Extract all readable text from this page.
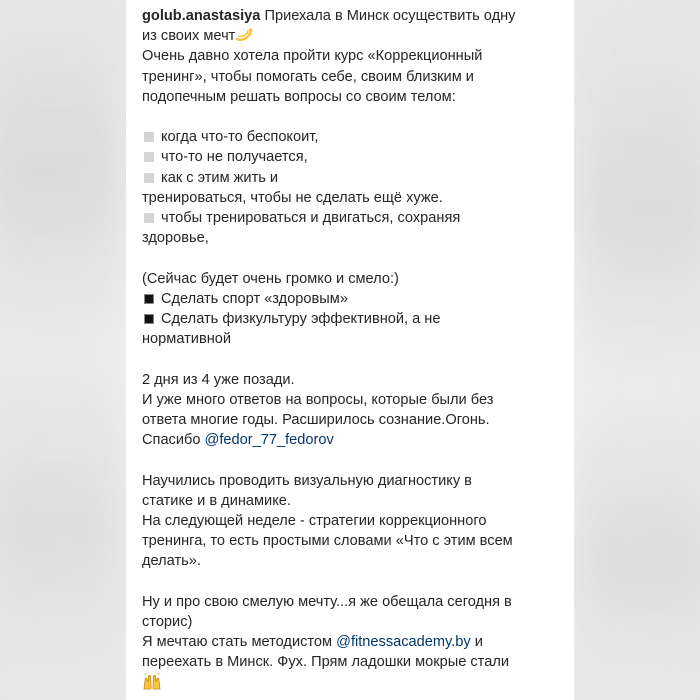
golub.anastasiya Приехала в Минск осуществить одну
из своих мечт
Очень давно хотела пройти курс «Коррекционный
тренинг», чтобы помогать себе, своим близким и
подопечным решать вопросы со своим телом:
когда что-то беспокоит,
что-то не получается,
как с этим жить и
тренироваться, чтобы не сделать ещё хуже.
чтобы тренироваться и двигаться, сохраняя
здоровье,
(Сейчас будет очень громко и смело:)
Сделать спорт «здоровым»
Сделать физкультуру эффективной, а не
нормативной
2 дня из 4 уже позади.
И уже много ответов на вопросы, которые были без
ответа многие годы. Расширилось сознание.Огонь.
Спасибо @fedor_77_fedorov
Научились проводить визуальную диагностику в
статике и в динамике.
На следующей неделе - стратегии коррекционного
тренинга, то есть простыми словами «Что с этим всем
делать».
Ну и про свою смелую мечту...я же обещала сегодня в
сторис)
Я мечтаю стать методистом @fitnessacademy.by и
переехать в Минск. Фух. Прям ладошки мокрые стали
